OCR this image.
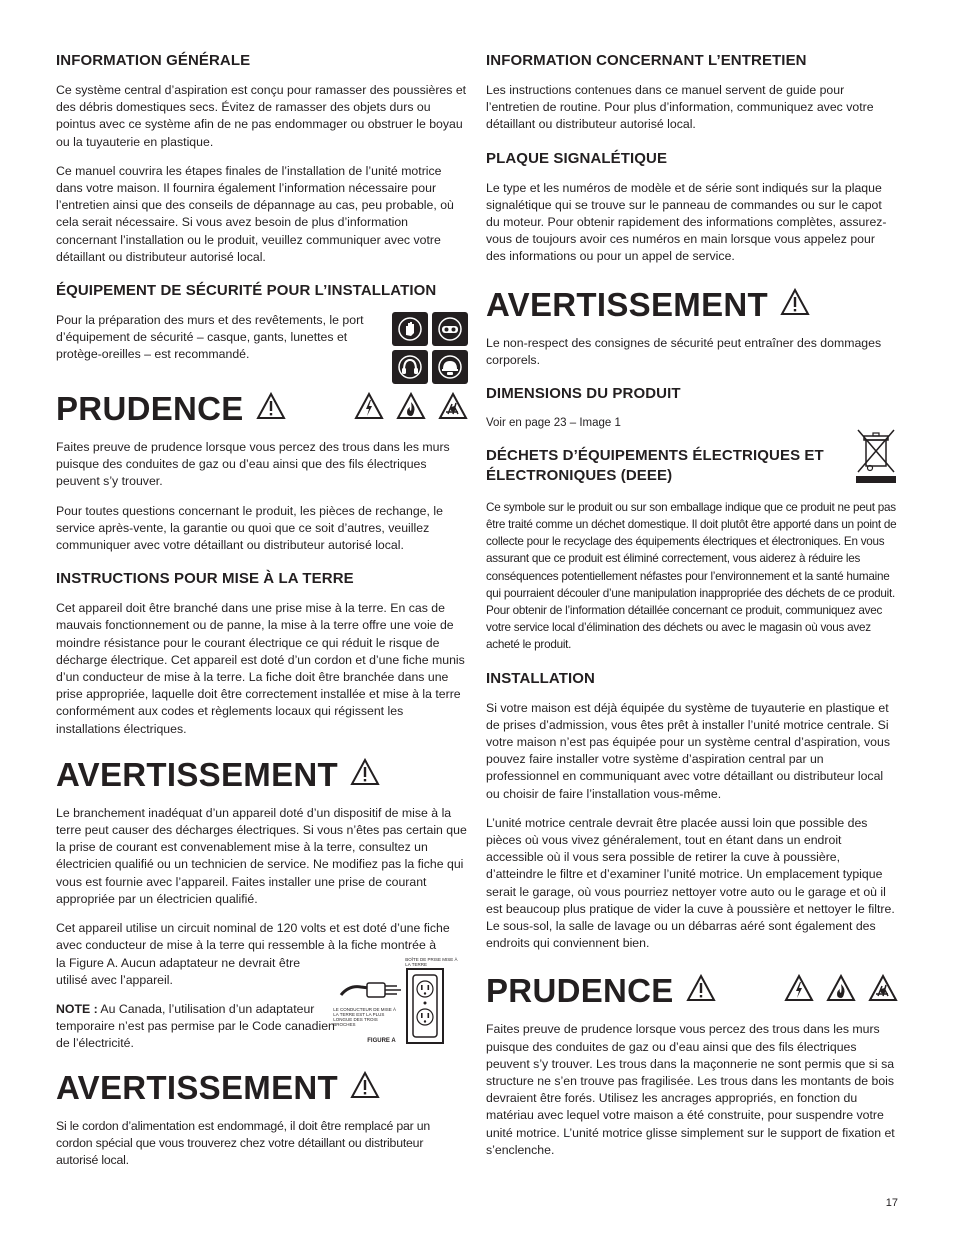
INFORMATION GÉNÉRALE

Ce système central d’aspiration est conçu pour ramasser des poussières et des débris domestiques secs. Évitez de ramasser des objets durs ou pointus avec ce système afin de ne pas endommager ou obstruer le boyau ou la tuyauterie en plastique.

Ce manuel couvrira les étapes finales de l’installation de l’unité motrice dans votre maison. Il fournira également l’information nécessaire pour l’entretien ainsi que des conseils de dépannage au cas, peu probable, où cela serait nécessaire. Si vous avez besoin de plus d’information concernant l’installation ou le produit, veuillez communiquer avec votre détaillant ou distributeur autorisé local.

ÉQUIPEMENT DE SÉCURITÉ POUR L’INSTALLATION

Pour la préparation des murs et des revêtements, le port d’équipement de sécurité – casque, gants, lunettes et protège-oreilles – est recommandé.

PRUDENCE

Faites preuve de prudence lorsque vous percez des trous dans les murs puisque des conduites de gaz ou d’eau ainsi que des fils électriques peuvent s’y trouver.

Pour toutes questions concernant le produit, les pièces de rechange, le service après-vente, la garantie ou quoi que ce soit d’autres, veuillez communiquer avec votre détaillant ou distributeur autorisé local.

INSTRUCTIONS POUR MISE À LA TERRE

Cet appareil doit être branché dans une prise mise à la terre. En cas de mauvais fonctionnement ou de panne, la mise à la terre offre une voie de moindre résistance pour le courant électrique ce qui réduit le risque de décharge électrique. Cet appareil est doté d’un cordon et d’une fiche munis d’un conducteur de mise à la terre. La fiche doit être branchée dans une prise appropriée, laquelle doit être correctement installée et mise à la terre conformément aux codes et règlements locaux qui régissent les installations électriques.

AVERTISSEMENT

Le branchement inadéquat d’un appareil doté d’un dispositif de mise à la terre peut causer des décharges électriques. Si vous n’êtes pas certain que la prise de courant est convenablement mise à la terre, consultez un électricien qualifié ou un technicien de service. Ne modifiez pas la fiche qui vous est fournie avec l’appareil. Faites installer une prise de courant appropriée par un électricien qualifié.

Cet appareil utilise un circuit nominal de 120 volts et est doté d’une fiche avec conducteur de mise à la terre qui ressemble à la fiche montrée à

la Figure A. Aucun adaptateur ne devrait être utilisé avec l’appareil.

NOTE : Au Canada, l’utilisation d’un adaptateur temporaire n’est pas permise par le Code canadien de l’électricité.

BOÎTE DE PRISE MISE À LA TERRE
LE CONDUCTEUR DE MISE À LA TERRE EST LA PLUS LONGUE DES TROIS BROCHES
FIGURE A
AVERTISSEMENT

Si le cordon d’alimentation est endommagé, il doit être remplacé par un cordon spécial que vous trouverez chez votre détaillant ou distributeur autorisé local.

INFORMATION CONCERNANT L’ENTRETIEN

Les instructions contenues dans ce manuel servent de guide pour l’entretien de routine. Pour plus d’information, communiquez avec votre détaillant ou distributeur autorisé local.

PLAQUE SIGNALÉTIQUE

Le type et les numéros de modèle et de série sont indiqués sur la plaque signalétique qui se trouve sur le panneau de commandes ou sur le capot du moteur. Pour obtenir rapidement des informations complètes, assurez-vous de toujours avoir ces numéros en main lorsque vous appelez pour des informations ou pour un appel de service.

AVERTISSEMENT

Le non-respect des consignes de sécurité peut entraîner des dommages corporels.

DIMENSIONS DU PRODUIT

Voir en page 23 – Image 1

DÉCHETS D’ÉQUIPEMENTS ÉLECTRIQUES ET ÉLECTRONIQUES (DEEE)

Ce symbole sur le produit ou sur son emballage indique que ce produit ne peut pas être traité comme un déchet domestique. Il doit plutôt être apporté dans un point de collecte pour le recyclage des équipements électriques et électroniques. En vous assurant que ce produit est éliminé correctement, vous aiderez à réduire les conséquences potentiellement néfastes pour l’environnement et la santé humaine qui pourraient découler d’une manipulation inappropriée des déchets de ce produit. Pour obtenir de l’information détaillée concernant ce produit, communiquez avec votre service local d’élimination des déchets ou avec le magasin où vous avez acheté le produit.

INSTALLATION

Si votre maison est déjà équipée du système de tuyauterie en plastique et de prises d’admission, vous êtes prêt à installer l’unité motrice centrale. Si votre maison n’est pas équipée pour un système central d’aspiration, vous pouvez faire installer votre système d’aspiration central par un professionnel en communiquant avec votre détaillant ou distributeur local ou choisir de faire l’installation vous-même.

L’unité motrice centrale devrait être placée aussi loin que possible des pièces où vous vivez généralement, tout en étant dans un endroit accessible où il vous sera possible de retirer la cuve à poussière, d’atteindre le filtre et d’examiner l’unité motrice. Un emplacement typique serait le garage, où vous pourriez nettoyer votre auto ou le garage et où il est beaucoup plus pratique de vider la cuve à poussière et nettoyer le filtre. Le sous-sol, la salle de lavage ou un débarras aéré sont également des endroits qui conviennent bien.

PRUDENCE

Faites preuve de prudence lorsque vous percez des trous dans les murs puisque des conduites de gaz ou d’eau ainsi que des fils électriques peuvent s’y trouver. Les trous dans la maçonnerie ne sont permis que si sa structure ne s’en trouve pas fragilisée. Les trous dans les montants de bois devraient être forés. Utilisez les ancrages appropriés, en fonction du matériau avec lequel votre maison a été construite, pour suspendre votre unité motrice. L’unité motrice glisse simplement sur le support de fixation et s’enclenche.

17
